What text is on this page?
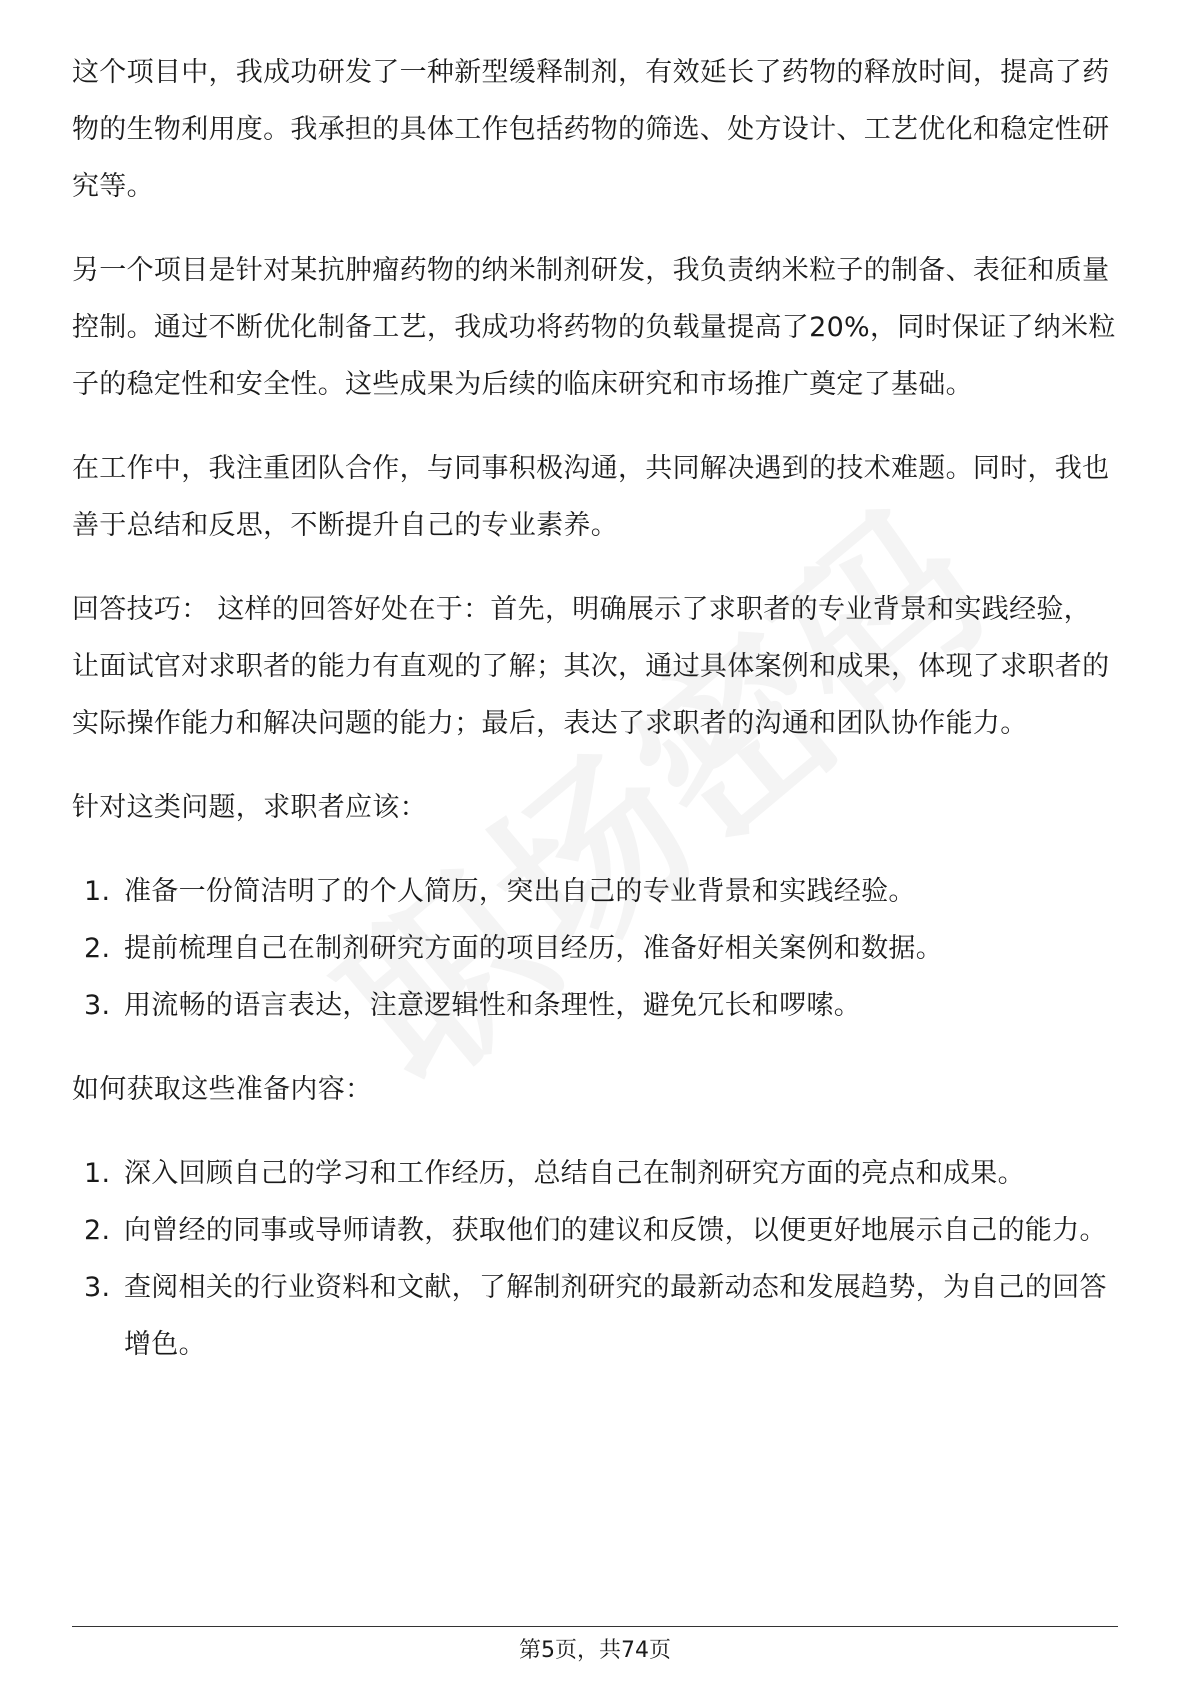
这个项目中，我成功研发了一种新型缓释制剂，有效延长了药物的释放时间，提高了药物的生物利用度。我承担的具体工作包括药物的筛选、处方设计、工艺优化和稳定性研究等。

另一个项目是针对某抗肿瘤药物的纳米制剂研发，我负责纳米粒子的制备、表征和质量控制。通过不断优化制备工艺，我成功将药物的负载量提高了20%，同时保证了纳米粒子的稳定性和安全性。这些成果为后续的临床研究和市场推广奠定了基础。

在工作中，我注重团队合作，与同事积极沟通，共同解决遇到的技术难题。同时，我也善于总结和反思，不断提升自己的专业素养。

回答技巧： 这样的回答好处在于：首先，明确展示了求职者的专业背景和实践经验，让面试官对求职者的能力有直观的了解；其次，通过具体案例和成果，体现了求职者的实际操作能力和解决问题的能力；最后，表达了求职者的沟通和团队协作能力。

针对这类问题，求职者应该：

1. 准备一份简洁明了的个人简历，突出自己的专业背景和实践经验。
2. 提前梳理自己在制剂研究方面的项目经历，准备好相关案例和数据。
3. 用流畅的语言表达，注意逻辑性和条理性，避免冗长和啰嗦。

如何获取这些准备内容：

1. 深入回顾自己的学习和工作经历，总结自己在制剂研究方面的亮点和成果。
2. 向曾经的同事或导师请教，获取他们的建议和反馈，以便更好地展示自己的能力。
3. 查阅相关的行业资料和文献，了解制剂研究的最新动态和发展趋势，为自己的回答增色。
第5页，共74页
